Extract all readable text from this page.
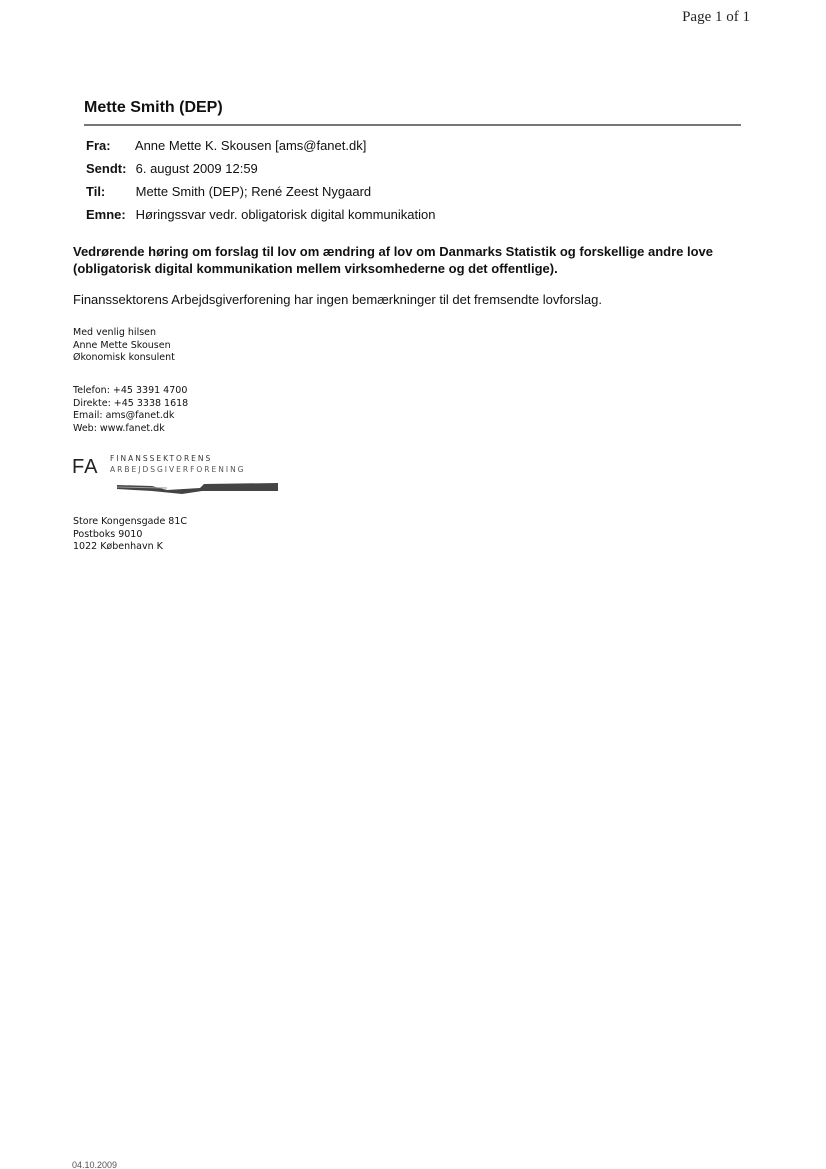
Page 1 of 1
Mette Smith (DEP)
Fra: Anne Mette K. Skousen [ams@fanet.dk]
Sendt: 6. august 2009 12:59
Til: Mette Smith (DEP); René Zeest Nygaard
Emne: Høringssvar vedr. obligatorisk digital kommunikation
Vedrørende høring om forslag til lov om ændring af lov om Danmarks Statistik og forskellige andre love (obligatorisk digital kommunikation mellem virksomhederne og det offentlige).
Finanssektorens Arbejdsgiverforening har ingen bemærkninger til det fremsendte lovforslag.
Med venlig hilsen
Anne Mette Skousen
Økonomisk konsulent
Telefon: +45 3391 4700
Direkte: +45 3338 1618
Email: ams@fanet.dk
Web: www.fanet.dk
FA FINANSSEKTORENS
ARBEJDSGIVERFORENING
Store Kongensgade 81C
Postboks 9010
1022 København K
04.10.2009
